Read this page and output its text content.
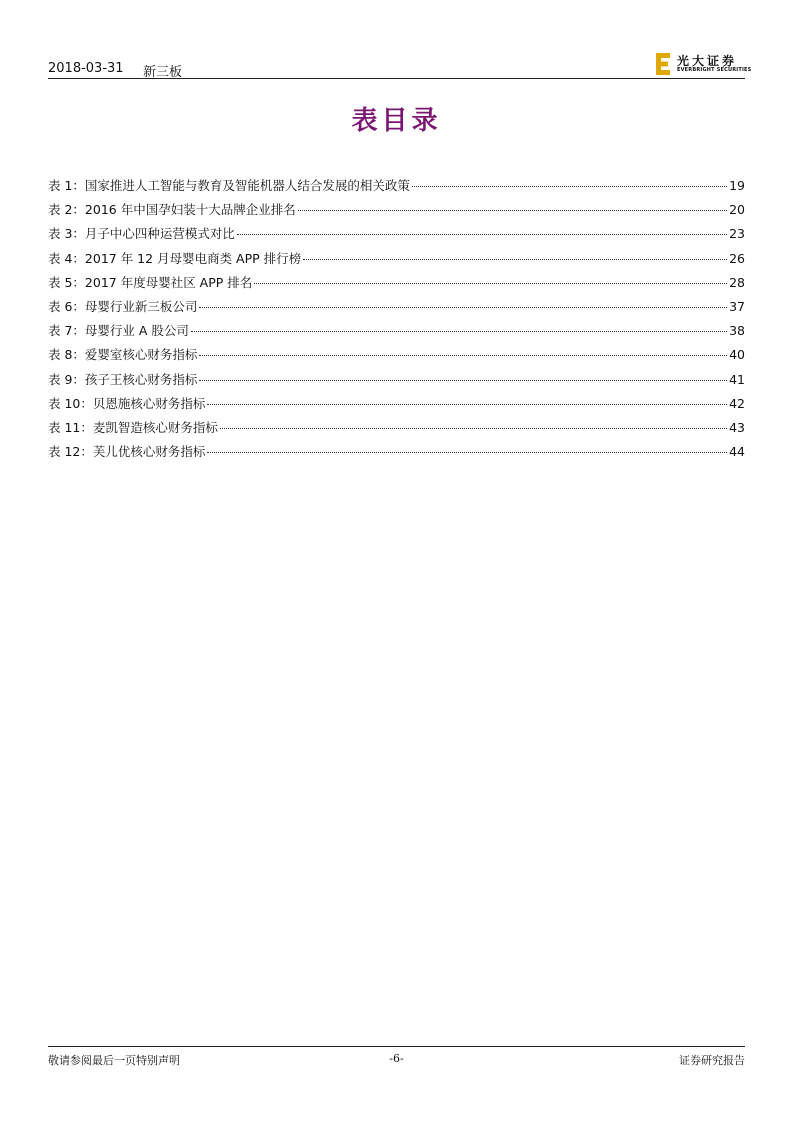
2018-03-31 新三板
光大证券
EVERBRIGHT SECURITIES
表目录
表 1：国家推进人工智能与教育及智能机器人结合发展的相关政策	19
表 2：2016 年中国孕妇装十大品牌企业排名	20
表 3：月子中心四种运营模式对比	23
表 4：2017 年 12 月母婴电商类 APP 排行榜	26
表 5：2017 年度母婴社区 APP 排名	28
表 6：母婴行业新三板公司	37
表 7：母婴行业 A 股公司	38
表 8：爱婴室核心财务指标	40
表 9：孩子王核心财务指标	41
表 10：贝恩施核心财务指标	42
表 11：麦凯智造核心财务指标	43
表 12：芙儿优核心财务指标	44
敬请参阅最后一页特别声明	-6-	证券研究报告
